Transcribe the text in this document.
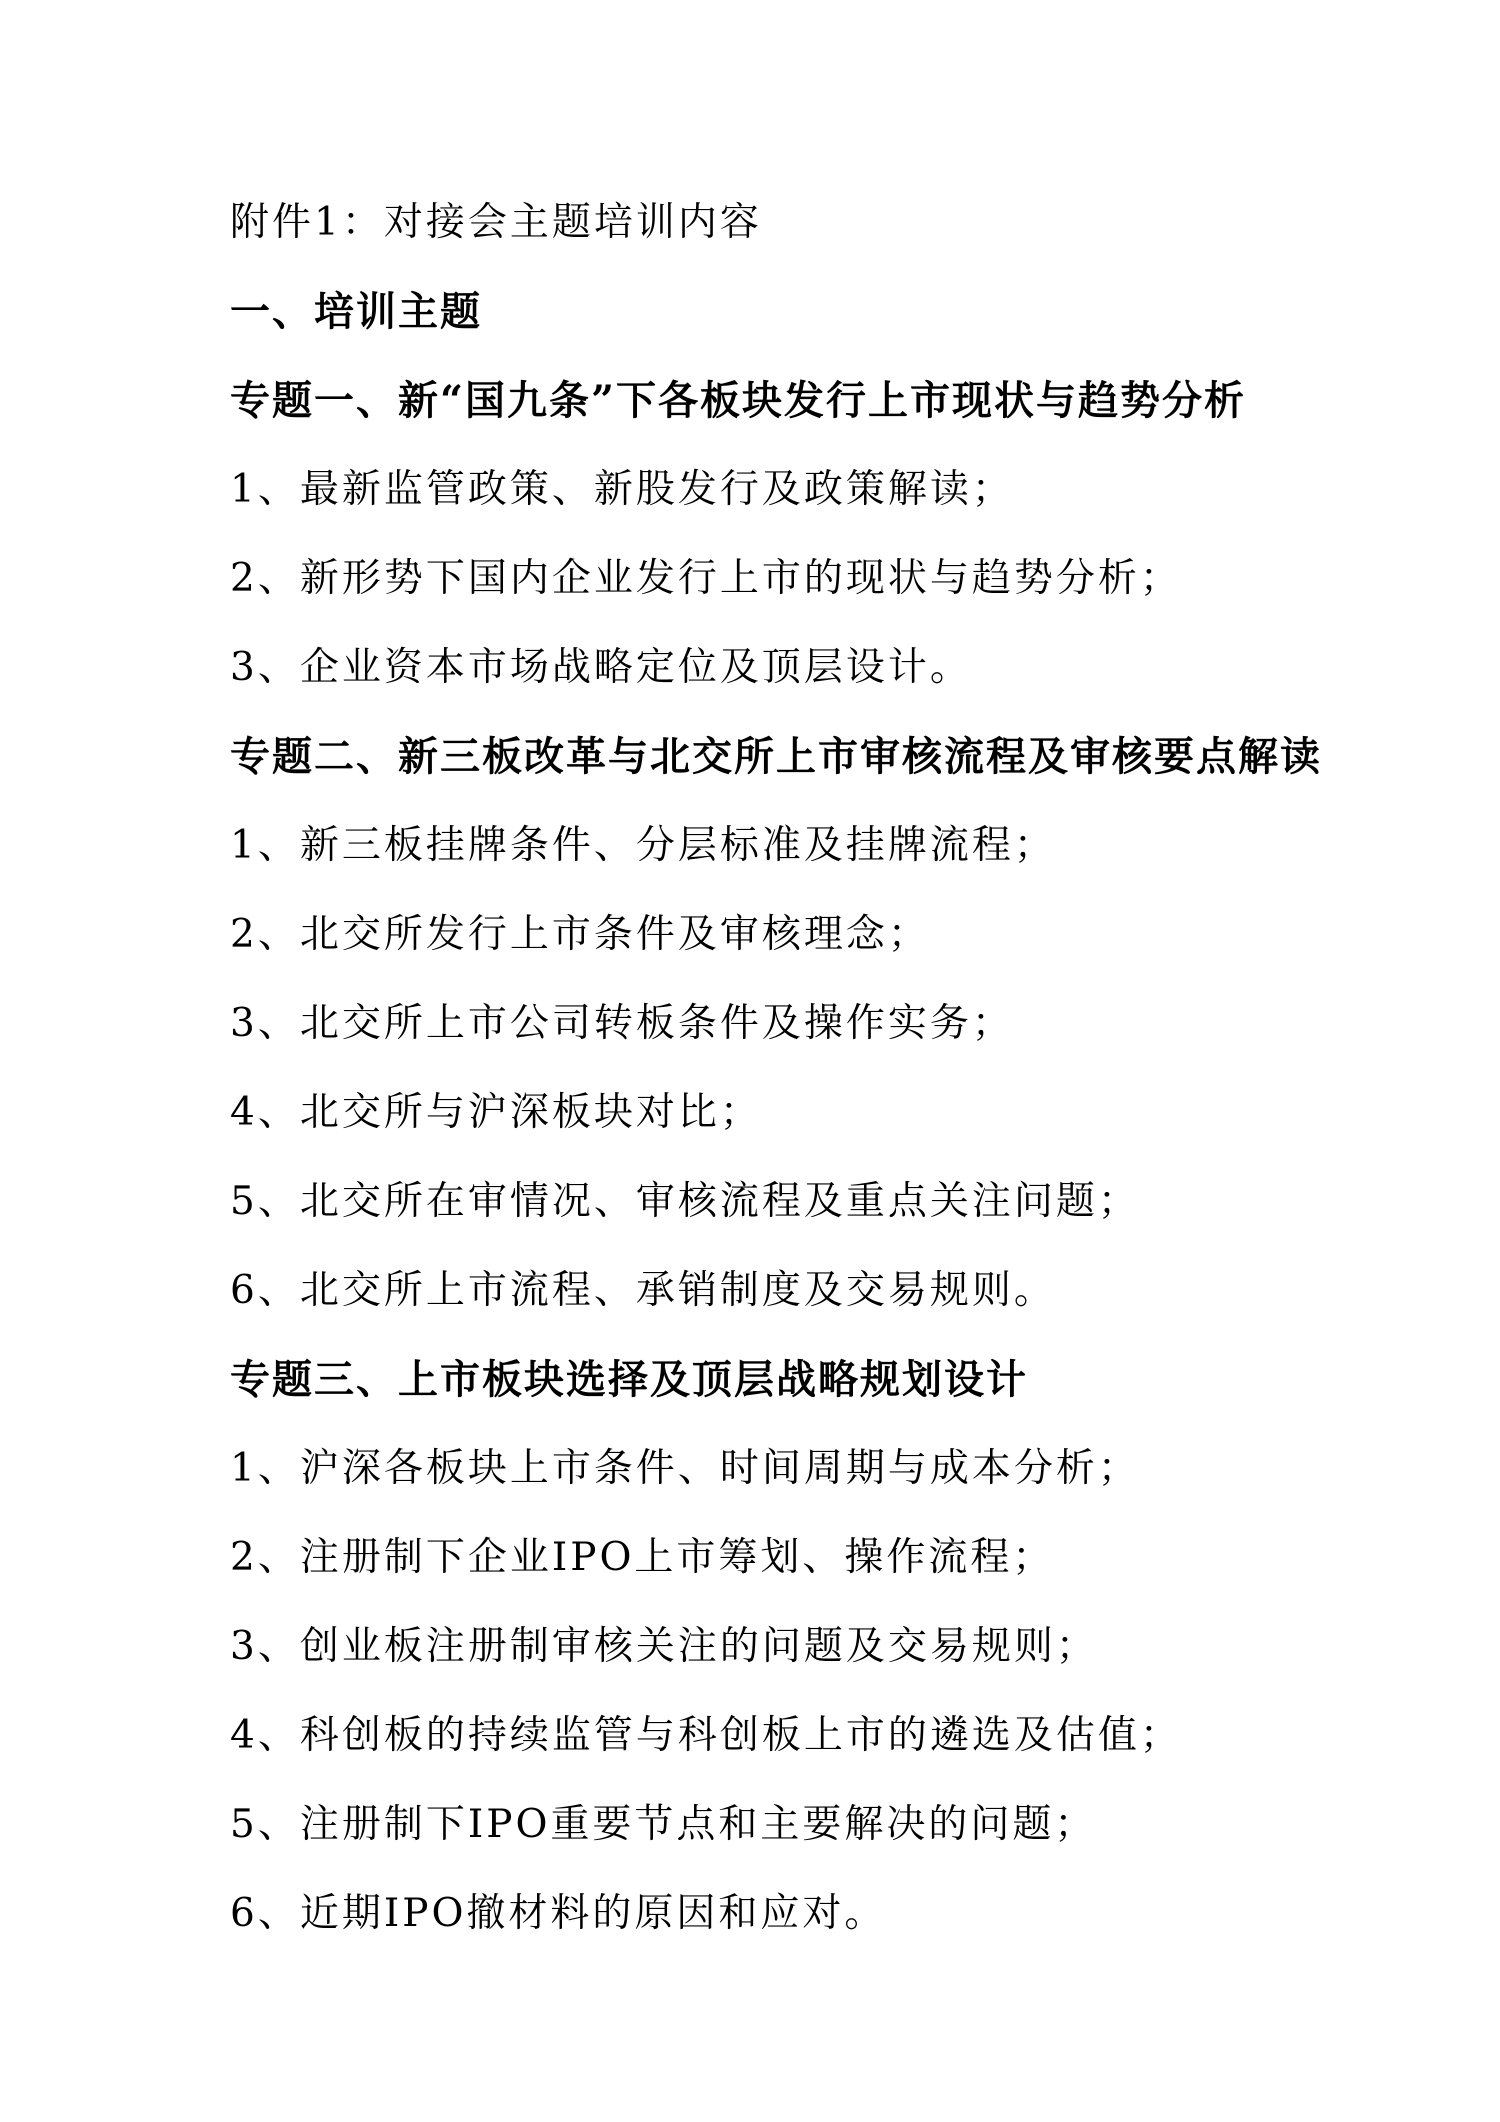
附件1：对接会主题培训内容
一、培训主题
专题一、新“国九条”下各板块发行上市现状与趋势分析
1、最新监管政策、新股发行及政策解读；
2、新形势下国内企业发行上市的现状与趋势分析；
3、企业资本市场战略定位及顶层设计。
专题二、新三板改革与北交所上市审核流程及审核要点解读
1、新三板挂牌条件、分层标准及挂牌流程；
2、北交所发行上市条件及审核理念；
3、北交所上市公司转板条件及操作实务；
4、北交所与沪深板块对比；
5、北交所在审情况、审核流程及重点关注问题；
6、北交所上市流程、承销制度及交易规则。
专题三、上市板块选择及顶层战略规划设计
1、沪深各板块上市条件、时间周期与成本分析；
2、注册制下企业IPO上市筹划、操作流程；
3、创业板注册制审核关注的问题及交易规则；
4、科创板的持续监管与科创板上市的遴选及估值；
5、注册制下IPO重要节点和主要解决的问题；
6、近期IPO撤材料的原因和应对。
